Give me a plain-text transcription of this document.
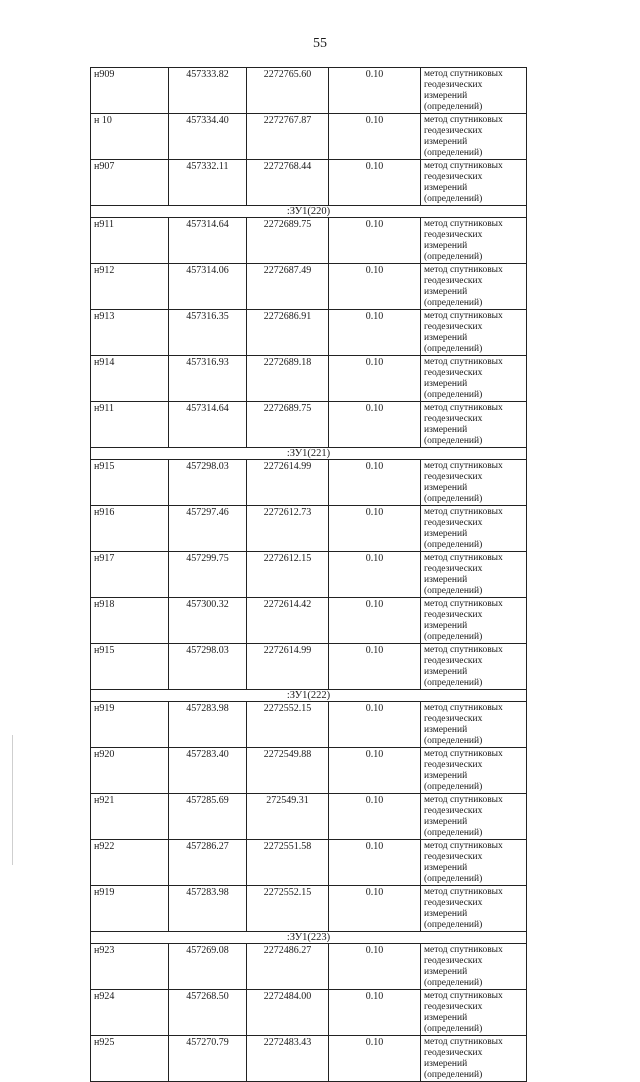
55
н909	457333.82	2272765.60	0.10	метод спутниковых геодезических измерений (определений)
н 10	457334.40	2272767.87	0.10	метод спутниковых геодезических измерений (определений)
н907	457332.11	2272768.44	0.10	метод спутниковых геодезических измерений (определений)
:ЗУ1(220)				
н911	457314.64	2272689.75	0.10	метод спутниковых геодезических измерений (определений)
н912	457314.06	2272687.49	0.10	метод спутниковых геодезических измерений (определений)
н913	457316.35	2272686.91	0.10	метод спутниковых геодезических измерений (определений)
н914	457316.93	2272689.18	0.10	метод спутниковых геодезических измерений (определений)
н911	457314.64	2272689.75	0.10	метод спутниковых геодезических измерений (определений)
:ЗУ1(221)				
н915	457298.03	2272614.99	0.10	метод спутниковых геодезических измерений (определений)
н916	457297.46	2272612.73	0.10	метод спутниковых геодезических измерений (определений)
н917	457299.75	2272612.15	0.10	метод спутниковых геодезических измерений (определений)
н918	457300.32	2272614.42	0.10	метод спутниковых геодезических измерений (определений)
н915	457298.03	2272614.99	0.10	метод спутниковых геодезических измерений (определений)
:ЗУ1(222)				
н919	457283.98	2272552.15	0.10	метод спутниковых геодезических измерений (определений)
н920	457283.40	2272549.88	0.10	метод спутниковых геодезических измерений (определений)
н921	457285.69	272549.31	0.10	метод спутниковых геодезических измерений (определений)
н922	457286.27	2272551.58	0.10	метод спутниковых геодезических измерений (определений)
н919	457283.98	2272552.15	0.10	метод спутниковых геодезических измерений (определений)
:ЗУ1(223)				
н923	457269.08	2272486.27	0.10	метод спутниковых геодезических измерений (определений)
н924	457268.50	2272484.00	0.10	метод спутниковых геодезических измерений (определений)
н925	457270.79	2272483.43	0.10	метод спутниковых геодезических измерений (определений)
